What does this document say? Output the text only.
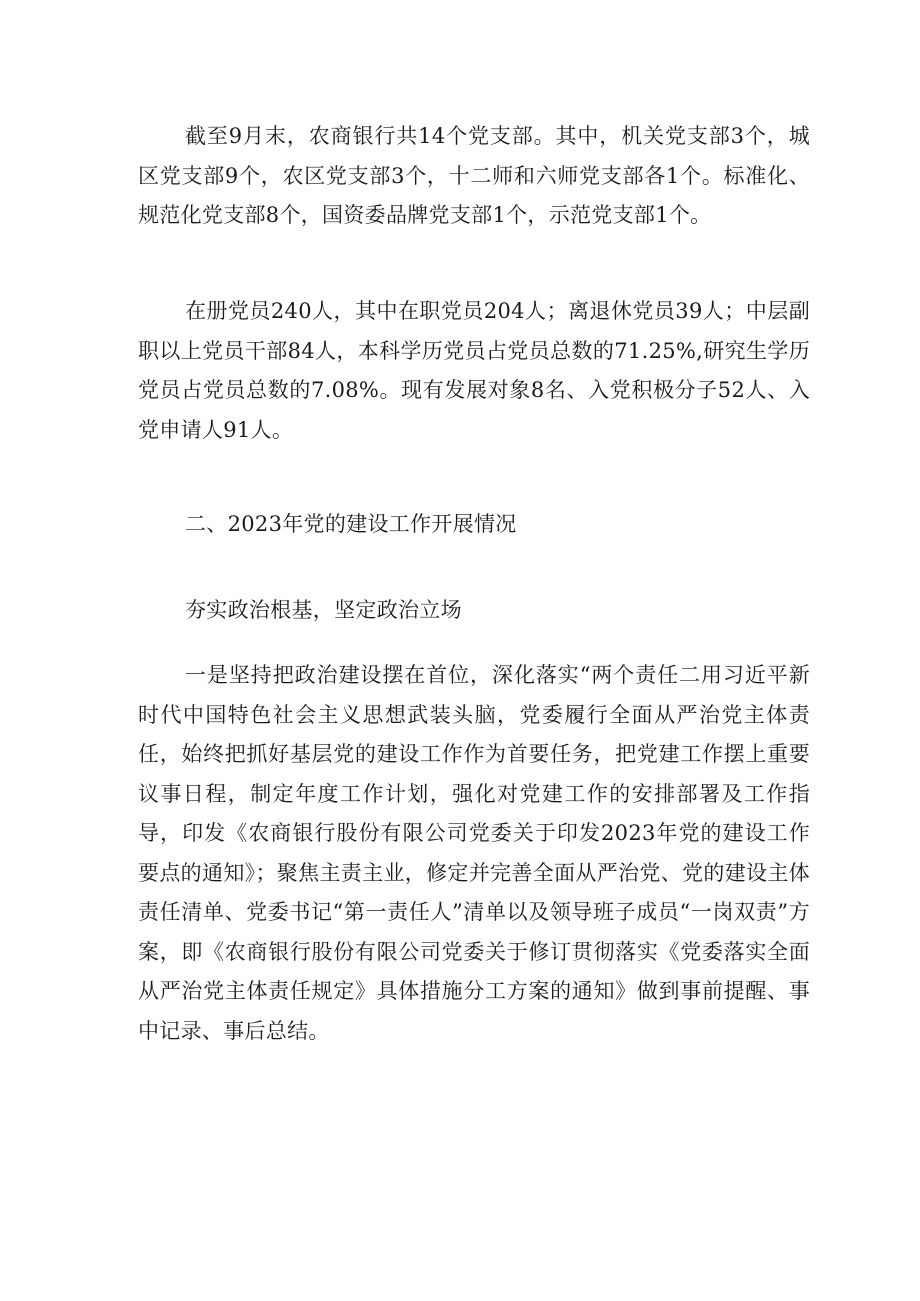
截至9月末，农商银行共14个党支部。其中，机关党支部3个，城区党支部9个，农区党支部3个，十二师和六师党支部各1个。标准化、规范化党支部8个，国资委品牌党支部1个，示范党支部1个。

在册党员240人，其中在职党员204人；离退休党员39人；中层副职以上党员干部84人，本科学历党员占党员总数的71.25%,研究生学历党员占党员总数的7.08%。现有发展对象8名、入党积极分子52人、入党申请人91人。

二、2023年党的建设工作开展情况

夯实政治根基，坚定政治立场

一是坚持把政治建设摆在首位，深化落实“两个责任二用习近平新时代中国特色社会主义思想武装头脑，党委履行全面从严治党主体责任，始终把抓好基层党的建设工作作为首要任务，把党建工作摆上重要议事日程，制定年度工作计划，强化对党建工作的安排部署及工作指导，印发《农商银行股份有限公司党委关于印发2023年党的建设工作要点的通知》；聚焦主责主业，修定并完善全面从严治党、党的建设主体责任清单、党委书记“第一责任人”清单以及领导班子成员“一岗双责”方案，即《农商银行股份有限公司党委关于修订贯彻落实《党委落实全面从严治党主体责任规定》具体措施分工方案的通知》做到事前提醒、事中记录、事后总结。
